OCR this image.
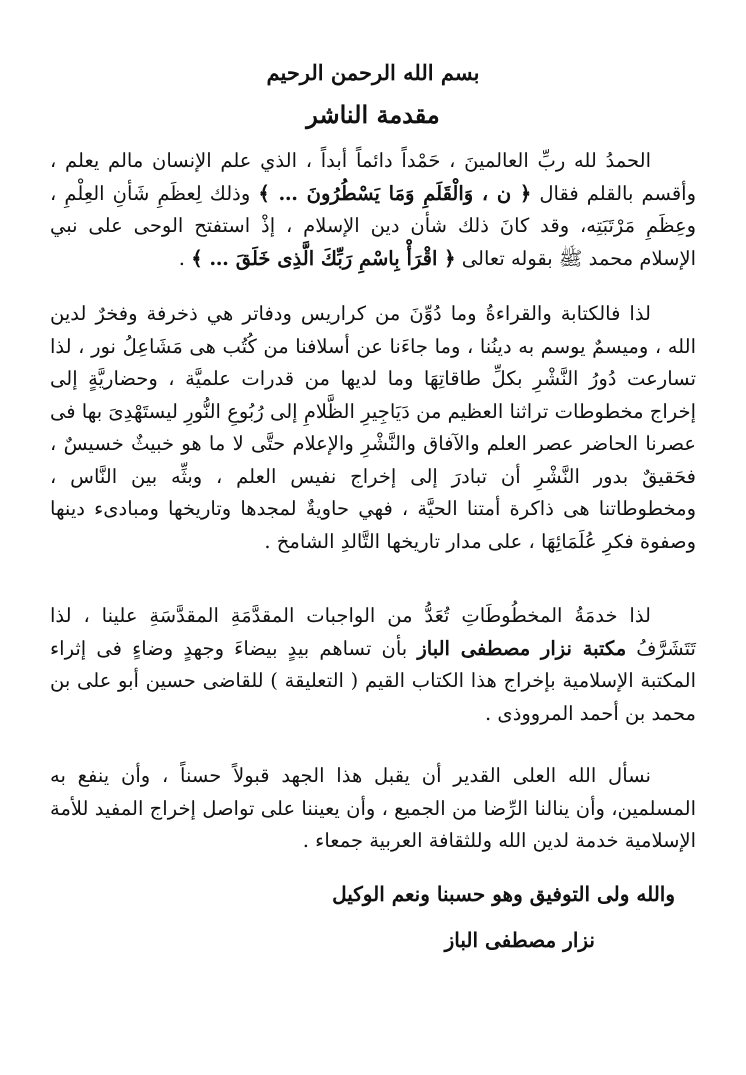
بسم الله الرحمن الرحيم
مقدمة الناشر

الحمدُ لله ربِّ العالمينَ ، حَمْداً دائماً أبداً ، الذي علم الإنسان مالم يعلم ، وأقسم بالقلم فقال ﴿ ن ، وَالْقَلَمِ وَمَا يَسْطُرُونَ … ﴾ وذلك لِعظَمِ شَأنِ العِلْمِ ، وعِظَمِ مَرْتَبَتِه، وقد كانَ ذلك شأن دين الإسلام ، إذْ استفتح الوحى على نبي الإسلام محمد ﷺ بقوله تعالى ﴿ اقْرَأْ بِاسْمِ رَبِّكَ الَّذِى خَلَقَ … ﴾ .

لذا فالكتابة والقراءةُ وما دُوِّنَ من كراريس ودفاتر هي ذخرفة وفخرٌ لدين الله ، وميسمٌ يوسم به دينُنا ، وما جاءَنا عن أسلافنا من كُتُب هى مَشَاعِلُ نور ، لذا تسارعت دُورُ النَّشْرِ بكلِّ طاقاتِهَا وما لديها من قدرات علميَّة ، وحضاريَّةٍ إلى إخراج مخطوطات تراثنا العظيم من دَيَاجِيرِ الظَّلامِ إلى رُبُوعِ النُّورِ ليستَهْدِىَ بها فى عصرنا الحاضر عصر العلم والآفاق والنَّشْرِ والإعلام حتَّى لا ما هو خبيثٌ خسيسٌ ، فحَقيقٌ بدور النَّشْرِ أن تبادرَ إلى إخراج نفيس العلم ، وبثِّه بين النَّاس ، ومخطوطاتنا هى ذاكرة أمتنا الحيَّة ، فهي حاويةٌ لمجدها وتاريخها ومبادىء دينها وصفوة فكرِ عُلَمَائِهَا ، على مدار تاريخها التَّالدِ الشامخ .

لذا خدمَةُ المخطُوطَاتِ تُعَدُّ من الواجبات المقدَّمَةِ المقدَّسَةِ علينا ، لذا تَتَشَرَّفُ مكتبة نزار مصطفى الباز بأن تساهم بيدٍ بيضاءَ وجهدٍ وضاءٍ فى إثراء المكتبة الإسلامية بإخراج هذا الكتاب القيم ( التعليقة ) للقاضى حسين أبو على بن محمد بن أحمد المرووذى .

نسأل الله العلى القدير أن يقبل هذا الجهد قبولاً حسناً ، وأن ينفع به المسلمين، وأن ينالنا الرِّضا من الجميع ، وأن يعيننا على تواصل إخراج المفيد للأمة الإسلامية خدمة لدين الله وللثقافة العربية جمعاء .

والله ولى التوفيق وهو حسبنا ونعم الوكيل
نزار مصطفى الباز
